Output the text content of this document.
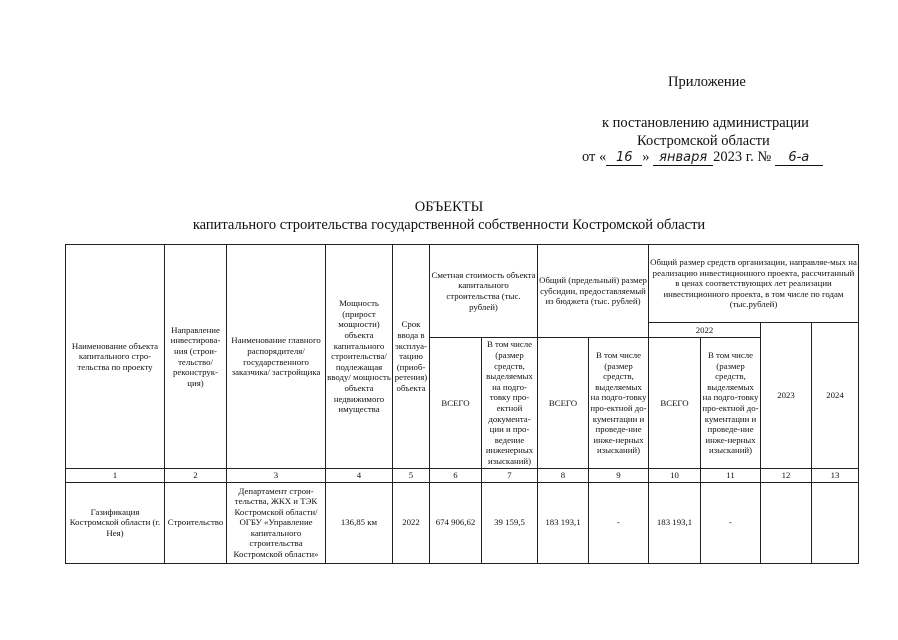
Приложение
к постановлению администрации
Костромской области
от « 16 »
января 2023 г. №
	6-а
ОБЪЕКТЫ
капитального строительства государственной собственности Костромской области
Наименование объекта капитального стро-тельства по проекту	Направление инвестирова-ния (строи-тельство/ реконструк-ция)	Наименование главного распорядителя/ государственного заказчика/ застройщика	Мощность (прирост мощности) объекта капитального строительства/ подлежащая вводу/ мощность объекта недвижимого имущества	Срок ввода в эксплуа-тацию (приоб-ретения) объекта	Сметная стоимость объекта капитального строительства (тыс. рублей)		Общий (предельный) размер субсидии, предоставляемый из бюджета (тыс. рублей)		Общий размер средств организации, направляе-мых на реализацию инвестиционного проекта, рассчитанный в ценах соответствующих лет реализации инвестиционного проекта, в том числе по годам (тыс.рублей)			
									2022		2023	2024
					ВСЕГО	В том числе (размер средств, выделяемых на подго-товку про-ектной документа-ции и про-ведение инженерных изысканий)	ВСЕГО	В том числе (размер средств, выделяемых на подго-товку про-ектной до-кументации и проведе-ние инже-нерных изысканий)	ВСЕГО	В том числе (размер средств, выделяемых на подго-товку про-ектной до-кументации и проведе-ние инже-нерных изысканий)		
1	2	3	4	5	6	7	8	9	10	11	12	13
Газификация Костромской области (г. Нея)	Строительство	Департамент строи-тельства, ЖКХ и ТЭК Костромской области/ ОГБУ «Управление капитального строительства Костромской области»	136,85 км	2022	674 906,62	39 159,5	183 193,1	-	183 193,1	-		
